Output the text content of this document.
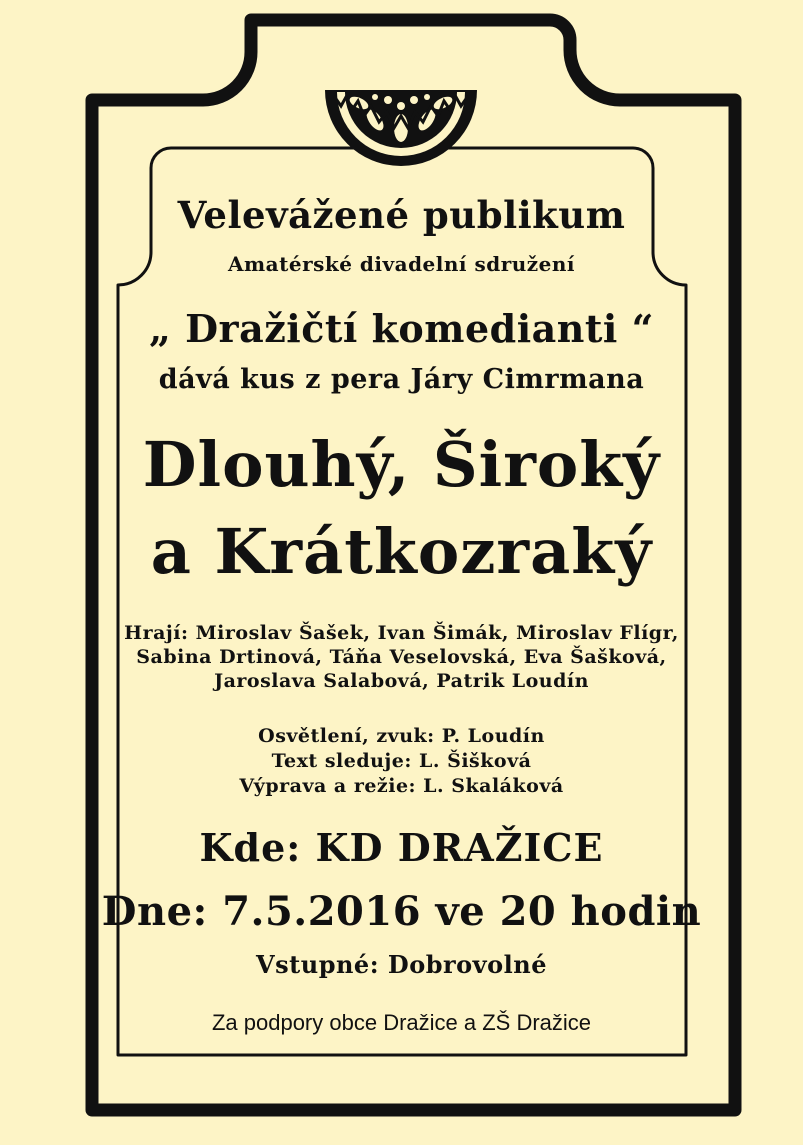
Velevážené publikum
Amatérské divadelní sdružení
„ Dražičtí komedianti “
dává kus z pera Járy Cimrmana
Dlouhý, Široký
a Krátkozraký
Hrají: Miroslav Šašek, Ivan Šimák, Miroslav Flígr,
Sabina Drtinová, Táňa Veselovská, Eva Šašková,
Jaroslava Salabová, Patrik Loudín
Osvětlení, zvuk: P. Loudín
Text sleduje: L. Šišková
Výprava a režie: L. Skaláková
Kde: KD DRAŽICE
Dne: 7.5.2016 ve 20 hodin
Vstupné: Dobrovolné
Za podpory obce Dražice a ZŠ Dražice
